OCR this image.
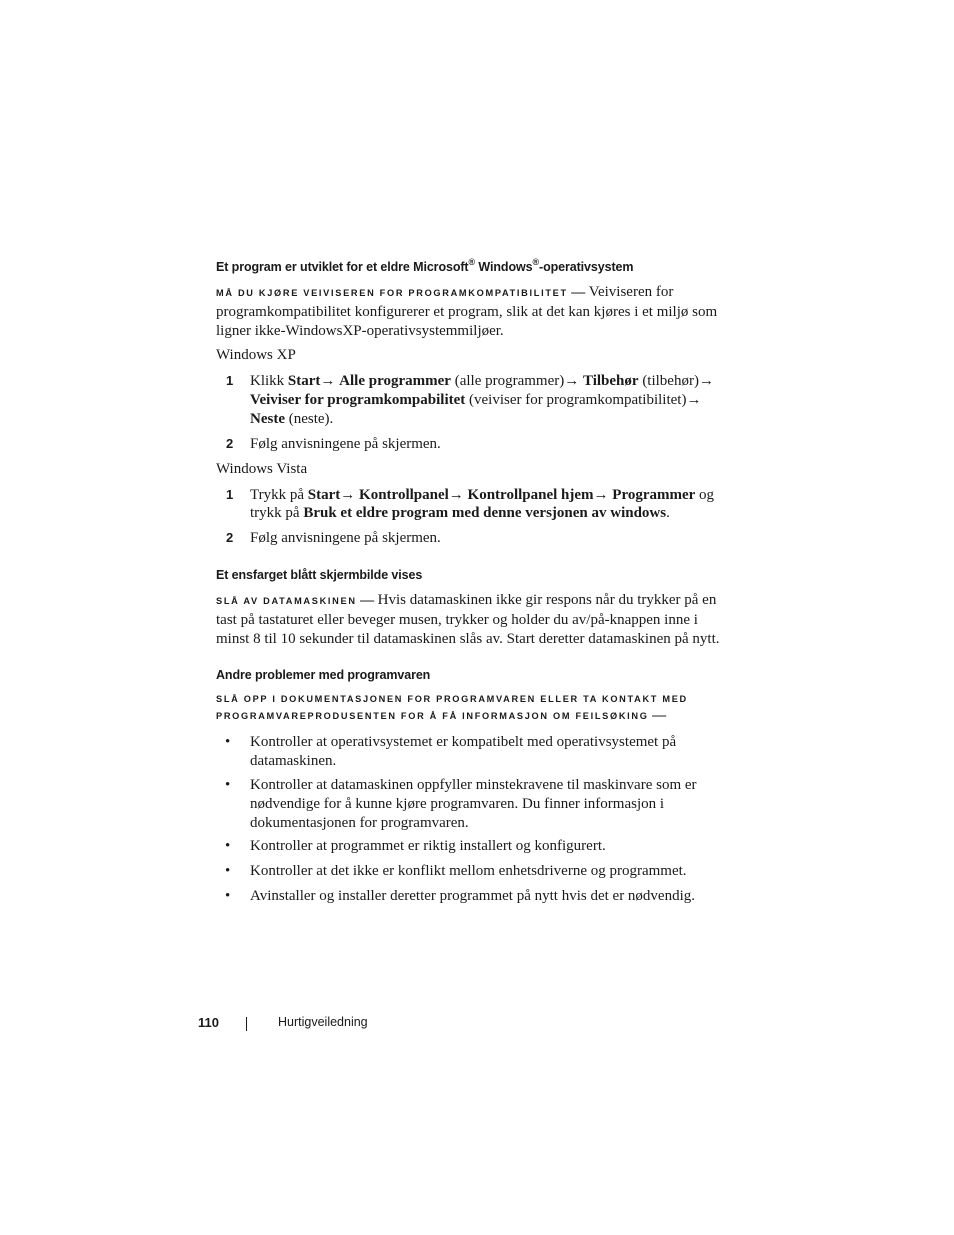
Et program er utviklet for et eldre Microsoft® Windows®-operativsystem

MÅ DU KJØRE VEIVISEREN FOR PROGRAMKOMPATIBILITET — Veiviseren for programkompatibilitet konfigurerer et program, slik at det kan kjøres i et miljø som ligner ikke-WindowsXP-operativsystemmiljøer.

Windows XP

1 Klikk Start→ Alle programmer (alle programmer)→ Tilbehør (tilbehør)→ Veiviser for programkompabilitet (veiviser for programkompatibilitet)→ Neste (neste).
2 Følg anvisningene på skjermen.

Windows Vista

1 Trykk på Start→ Kontrollpanel→ Kontrollpanel hjem→ Programmer og trykk på Bruk et eldre program med denne versjonen av windows.
2 Følg anvisningene på skjermen.
Et ensfarget blått skjermbilde vises

SLÅ AV DATAMASKINEN — Hvis datamaskinen ikke gir respons når du trykker på en tast på tastaturet eller beveger musen, trykker og holder du av/på-knappen inne i minst 8 til 10 sekunder til datamaskinen slås av. Start deretter datamaskinen på nytt.

Andre problemer med programvaren
SLÅ OPP I DOKUMENTASJONEN FOR PROGRAMVAREN ELLER TA KONTAKT MED
PROGRAMVAREPRODUSENTEN FOR Å FÅ INFORMASJON OM FEILSØKING —
• Kontroller at operativsystemet er kompatibelt med operativsystemet på datamaskinen.
• Kontroller at datamaskinen oppfyller minstekravene til maskinvare som er nødvendige for å kunne kjøre programvaren. Du finner informasjon i dokumentasjonen for programvaren.
• Kontroller at programmet er riktig installert og konfigurert.
• Kontroller at det ikke er konflikt mellom enhetsdriverne og programmet.
• Avinstaller og installer deretter programmet på nytt hvis det er nødvendig.
110	Hurtigveiledning
